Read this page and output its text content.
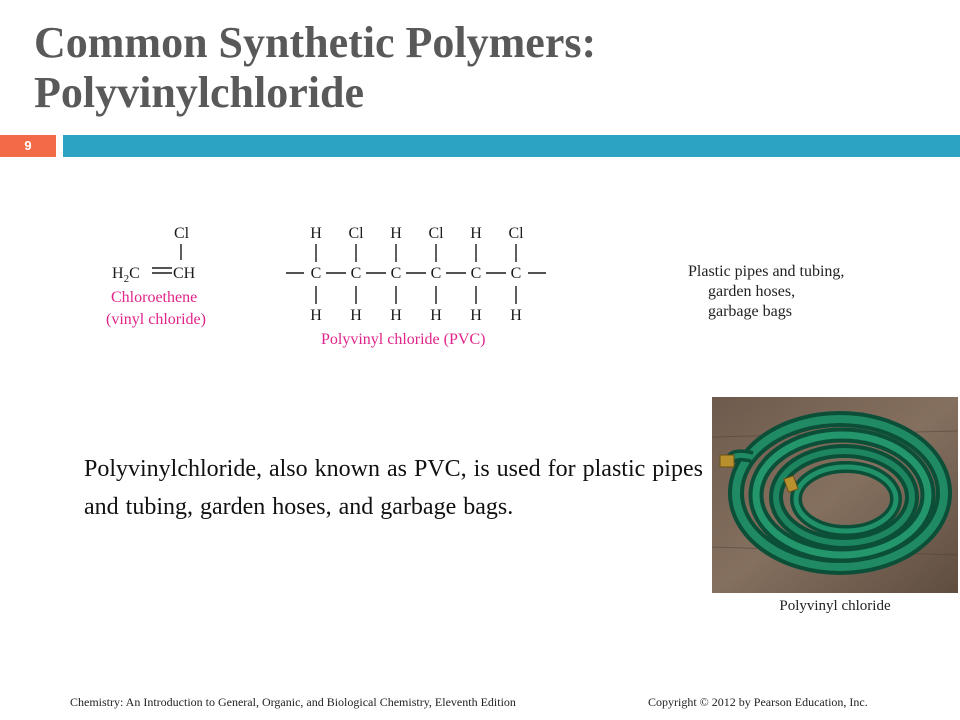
Common Synthetic Polymers:
Polyvinylchloride
9
Cl
$H_2C$ CH
Chloroethene
(vinyl chloride)
H
C
H
Cl
C
H
H
C
H
Cl
C
H
H
C
H
Cl
C
H
Polyvinyl chloride (PVC)
Plastic pipes and tubing,
garden hoses,
garbage bags
Polyvinylchloride, also known as PVC, is used for plastic pipes and tubing, garden hoses, and garbage bags.
Polyvinyl chloride
Chemistry: An Introduction to General, Organic, and Biological Chemistry, Eleventh Edition	Copyright © 2012 by Pearson Education, Inc.
